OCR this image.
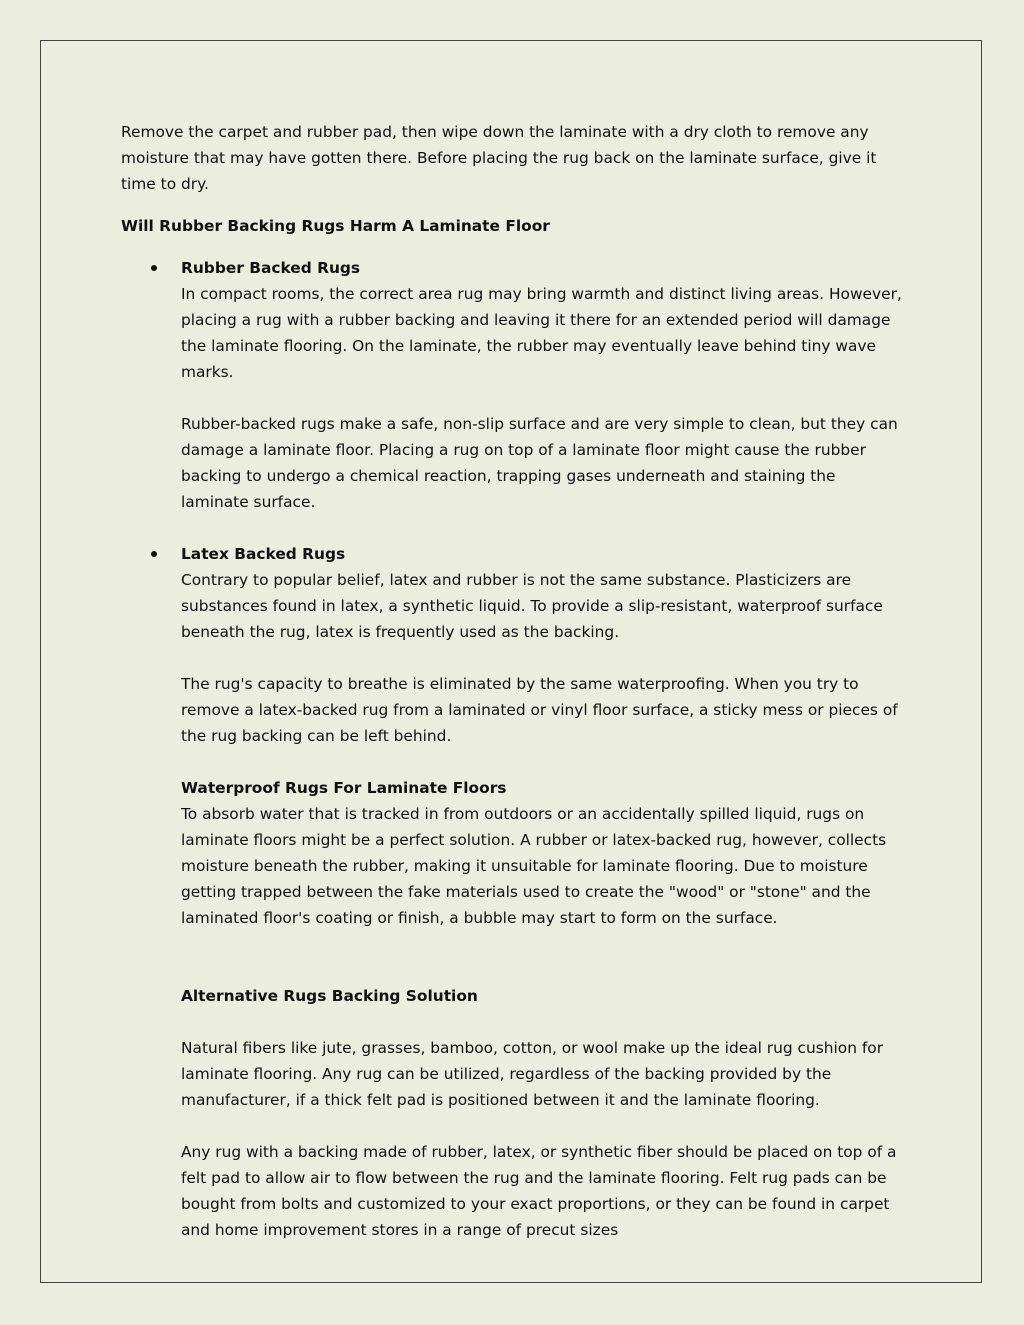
Remove the carpet and rubber pad, then wipe down the laminate with a dry cloth to remove any moisture that may have gotten there. Before placing the rug back on the laminate surface, give it time to dry.

Will Rubber Backing Rugs Harm A Laminate Floor

Rubber Backed Rugs

In compact rooms, the correct area rug may bring warmth and distinct living areas. However, placing a rug with a rubber backing and leaving it there for an extended period will damage the laminate flooring. On the laminate, the rubber may eventually leave behind tiny wave marks.

Rubber-backed rugs make a safe, non-slip surface and are very simple to clean, but they can damage a laminate floor. Placing a rug on top of a laminate floor might cause the rubber backing to undergo a chemical reaction, trapping gases underneath and staining the laminate surface.

Latex Backed Rugs

Contrary to popular belief, latex and rubber is not the same substance. Plasticizers are substances found in latex, a synthetic liquid. To provide a slip-resistant, waterproof surface beneath the rug, latex is frequently used as the backing.

The rug's capacity to breathe is eliminated by the same waterproofing. When you try to remove a latex-backed rug from a laminated or vinyl floor surface, a sticky mess or pieces of the rug backing can be left behind.

Waterproof Rugs For Laminate Floors

To absorb water that is tracked in from outdoors or an accidentally spilled liquid, rugs on laminate floors might be a perfect solution. A rubber or latex-backed rug, however, collects moisture beneath the rubber, making it unsuitable for laminate flooring. Due to moisture getting trapped between the fake materials used to create the "wood" or "stone" and the laminated floor's coating or finish, a bubble may start to form on the surface.

Alternative Rugs Backing Solution

Natural fibers like jute, grasses, bamboo, cotton, or wool make up the ideal rug cushion for laminate flooring. Any rug can be utilized, regardless of the backing provided by the manufacturer, if a thick felt pad is positioned between it and the laminate flooring.

Any rug with a backing made of rubber, latex, or synthetic fiber should be placed on top of a felt pad to allow air to flow between the rug and the laminate flooring. Felt rug pads can be bought from bolts and customized to your exact proportions, or they can be found in carpet and home improvement stores in a range of precut sizes
